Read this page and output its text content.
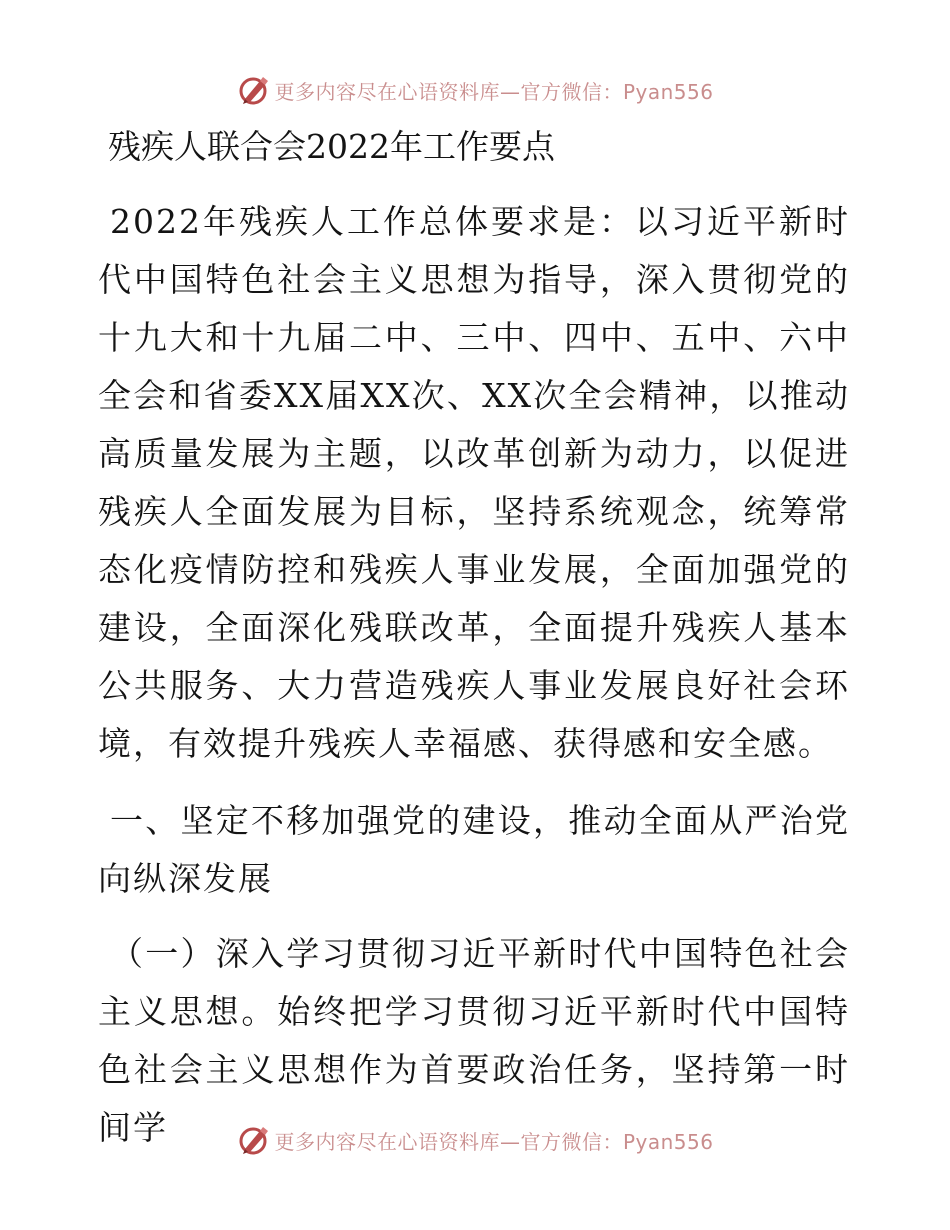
更多内容尽在心语资料库—官方微信：Pyan556
残疾人联合会2022年工作要点

2022年残疾人工作总体要求是：以习近平新时代中国特色社会主义思想为指导，深入贯彻党的十九大和十九届二中、三中、四中、五中、六中全会和省委XX届XX次、XX次全会精神，以推动高质量发展为主题，以改革创新为动力，以促进残疾人全面发展为目标，坚持系统观念，统筹常态化疫情防控和残疾人事业发展，全面加强党的建设，全面深化残联改革，全面提升残疾人基本公共服务、大力营造残疾人事业发展良好社会环境，有效提升残疾人幸福感、获得感和安全感。

一、坚定不移加强党的建设，推动全面从严治党向纵深发展

（一）深入学习贯彻习近平新时代中国特色社会主义思想。始终把学习贯彻习近平新时代中国特色社会主义思想作为首要政治任务，坚持第一时间学	更多内容尽在心语资料库—官方微信：Pyan556
